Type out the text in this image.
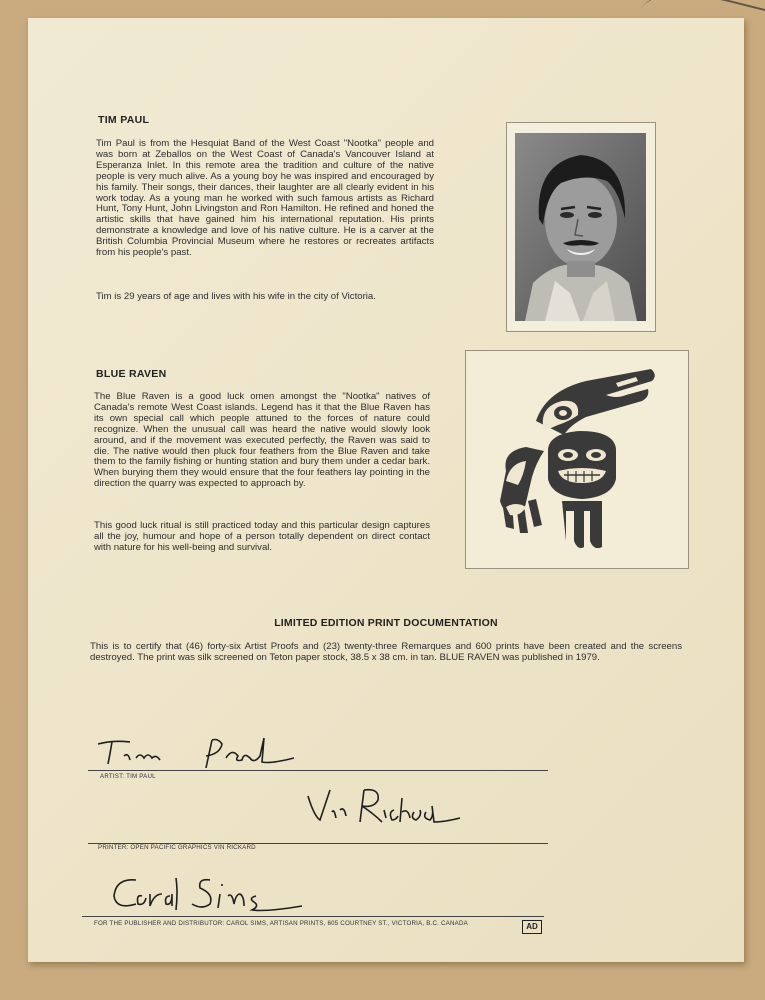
TIM PAUL
Tim Paul is from the Hesquiat Band of the West Coast "Nootka" people and was born at Zeballos on the West Coast of Canada's Vancouver Island at Esperanza Inlet. In this remote area the tradition and culture of the native people is very much alive. As a young boy he was inspired and encouraged by his family. Their songs, their dances, their laughter are all clearly evident in his work today. As a young man he worked with such famous artists as Richard Hunt, Tony Hunt, John Livingston and Ron Hamilton. He refined and honed the artistic skills that have gained him his international reputation. His prints demonstrate a knowledge and love of his native culture. He is a carver at the British Columbia Provincial Museum where he restores or recreates artifacts from his people's past.
Tim is 29 years of age and lives with his wife in the city of Victoria.
BLUE RAVEN
The Blue Raven is a good luck omen amongst the "Nootka" natives of Canada's remote West Coast islands. Legend has it that the Blue Raven has its own special call which people attuned to the forces of nature could recognize. When the unusual call was heard the native would slowly look around, and if the movement was executed perfectly, the Raven was said to die. The native would then pluck four feathers from the Blue Raven and take them to the family fishing or hunting station and bury them under a cedar bark. When burying them they would ensure that the four feathers lay pointing in the direction the quarry was expected to approach by.
This good luck ritual is still practiced today and this particular design captures all the joy, humour and hope of a person totally dependent on direct contact with nature for his well-being and survival.
LIMITED EDITION PRINT DOCUMENTATION
This is to certify that (46) forty-six Artist Proofs and (23) twenty-three Remarques and 600 prints have been created and the screens destroyed. The print was silk screened on Teton paper stock, 38.5 x 38 cm. in tan. BLUE RAVEN was published in 1979.
ARTIST: TIM PAUL
PRINTER: OPEN PACIFIC GRAPHICS VIN RICKARD
FOR THE PUBLISHER AND DISTRIBUTOR: CAROL SIMS, ARTISAN PRINTS, 605 COURTNEY ST., VICTORIA, B.C. CANADA	AD
